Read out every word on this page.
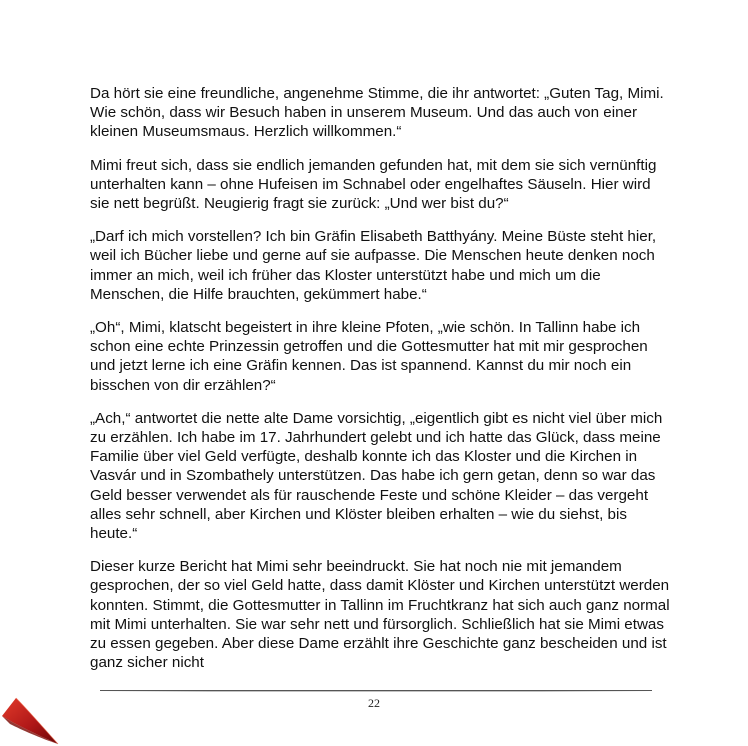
Da hört sie eine freundliche, angenehme Stimme, die ihr antwortet: „Guten Tag, Mimi. Wie schön, dass wir Besuch haben in unserem Museum. Und das auch von einer kleinen Museumsmaus. Herzlich willkommen.“

Mimi freut sich, dass sie endlich jemanden gefunden hat, mit dem sie sich vernünftig unterhalten kann – ohne Hufeisen im Schnabel oder engelhaftes Säuseln. Hier wird sie nett begrüßt. Neugierig fragt sie zurück: „Und wer bist du?“

„Darf ich mich vorstellen? Ich bin Gräfin Elisabeth Batthyány. Meine Büste steht hier, weil ich Bücher liebe und gerne auf sie aufpasse. Die Menschen heute denken noch immer an mich, weil ich früher das Kloster unterstützt habe und mich um die Menschen, die Hilfe brauchten, gekümmert habe.“

„Oh“, Mimi, klatscht begeistert in ihre kleine Pfoten, „wie schön. In Tallinn habe ich schon eine echte Prinzessin getroffen und die Gottesmutter hat mit mir gesprochen und jetzt lerne ich eine Gräfin kennen. Das ist spannend. Kannst du mir noch ein bisschen von dir erzählen?“

„Ach,“ antwortet die nette alte Dame vorsichtig, „eigentlich gibt es nicht viel über mich zu erzählen. Ich habe im 17. Jahrhundert gelebt und ich hatte das Glück, dass meine Familie über viel Geld verfügte, deshalb konnte ich das Kloster und die Kirchen in Vasvár und in Szombathely unterstützen. Das habe ich gern getan, denn so war das Geld besser verwendet als für rauschende Feste und schöne Kleider – das vergeht alles sehr schnell, aber Kirchen und Klöster bleiben erhalten – wie du siehst, bis heute.“

Dieser kurze Bericht hat Mimi sehr beeindruckt. Sie hat noch nie mit jemandem gesprochen, der so viel Geld hatte, dass damit Klöster und Kirchen unterstützt werden konnten. Stimmt, die Gottesmutter in Tallinn im Fruchtkranz hat sich auch ganz normal mit Mimi unterhalten. Sie war sehr nett und fürsorglich. Schließlich hat sie Mimi etwas zu essen gegeben. Aber diese Dame erzählt ihre Geschichte ganz bescheiden und ist ganz sicher nicht

22
